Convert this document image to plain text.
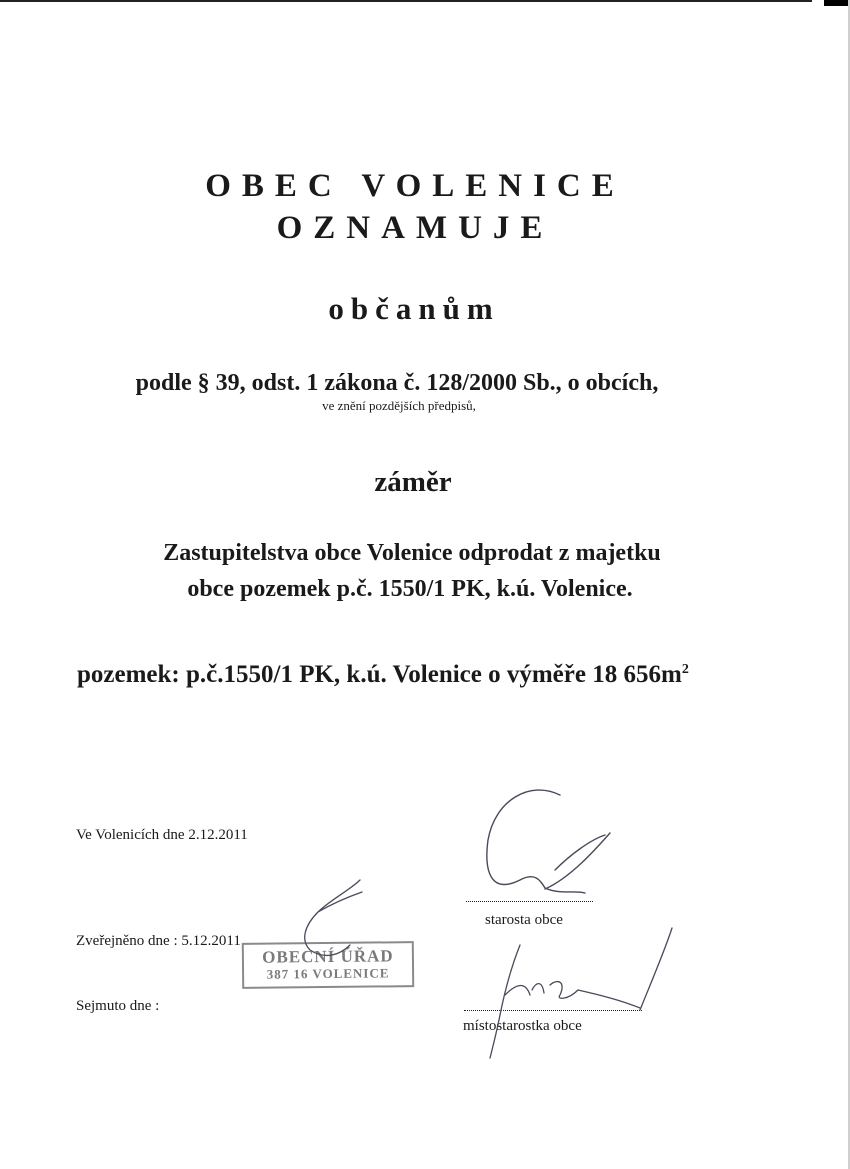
OBEC VOLENICE
OZNAMUJE
občanům
podle § 39, odst. 1 zákona č. 128/2000 Sb., o obcích,
ve znění pozdějších předpisů,
záměr
Zastupitelstva obce Volenice odprodat z majetku
obce pozemek p.č. 1550/1 PK, k.ú. Volenice.
pozemek: p.č.1550/1 PK, k.ú. Volenice o výměře 18 $656m^2$
Ve Volenicích dne 2.12.2011
Zveřejněno dne : 5.12.2011
Sejmuto dne :
starosta obce
místostarostka obce
OBECNÍ ÚŘAD
387 16 VOLENICE
